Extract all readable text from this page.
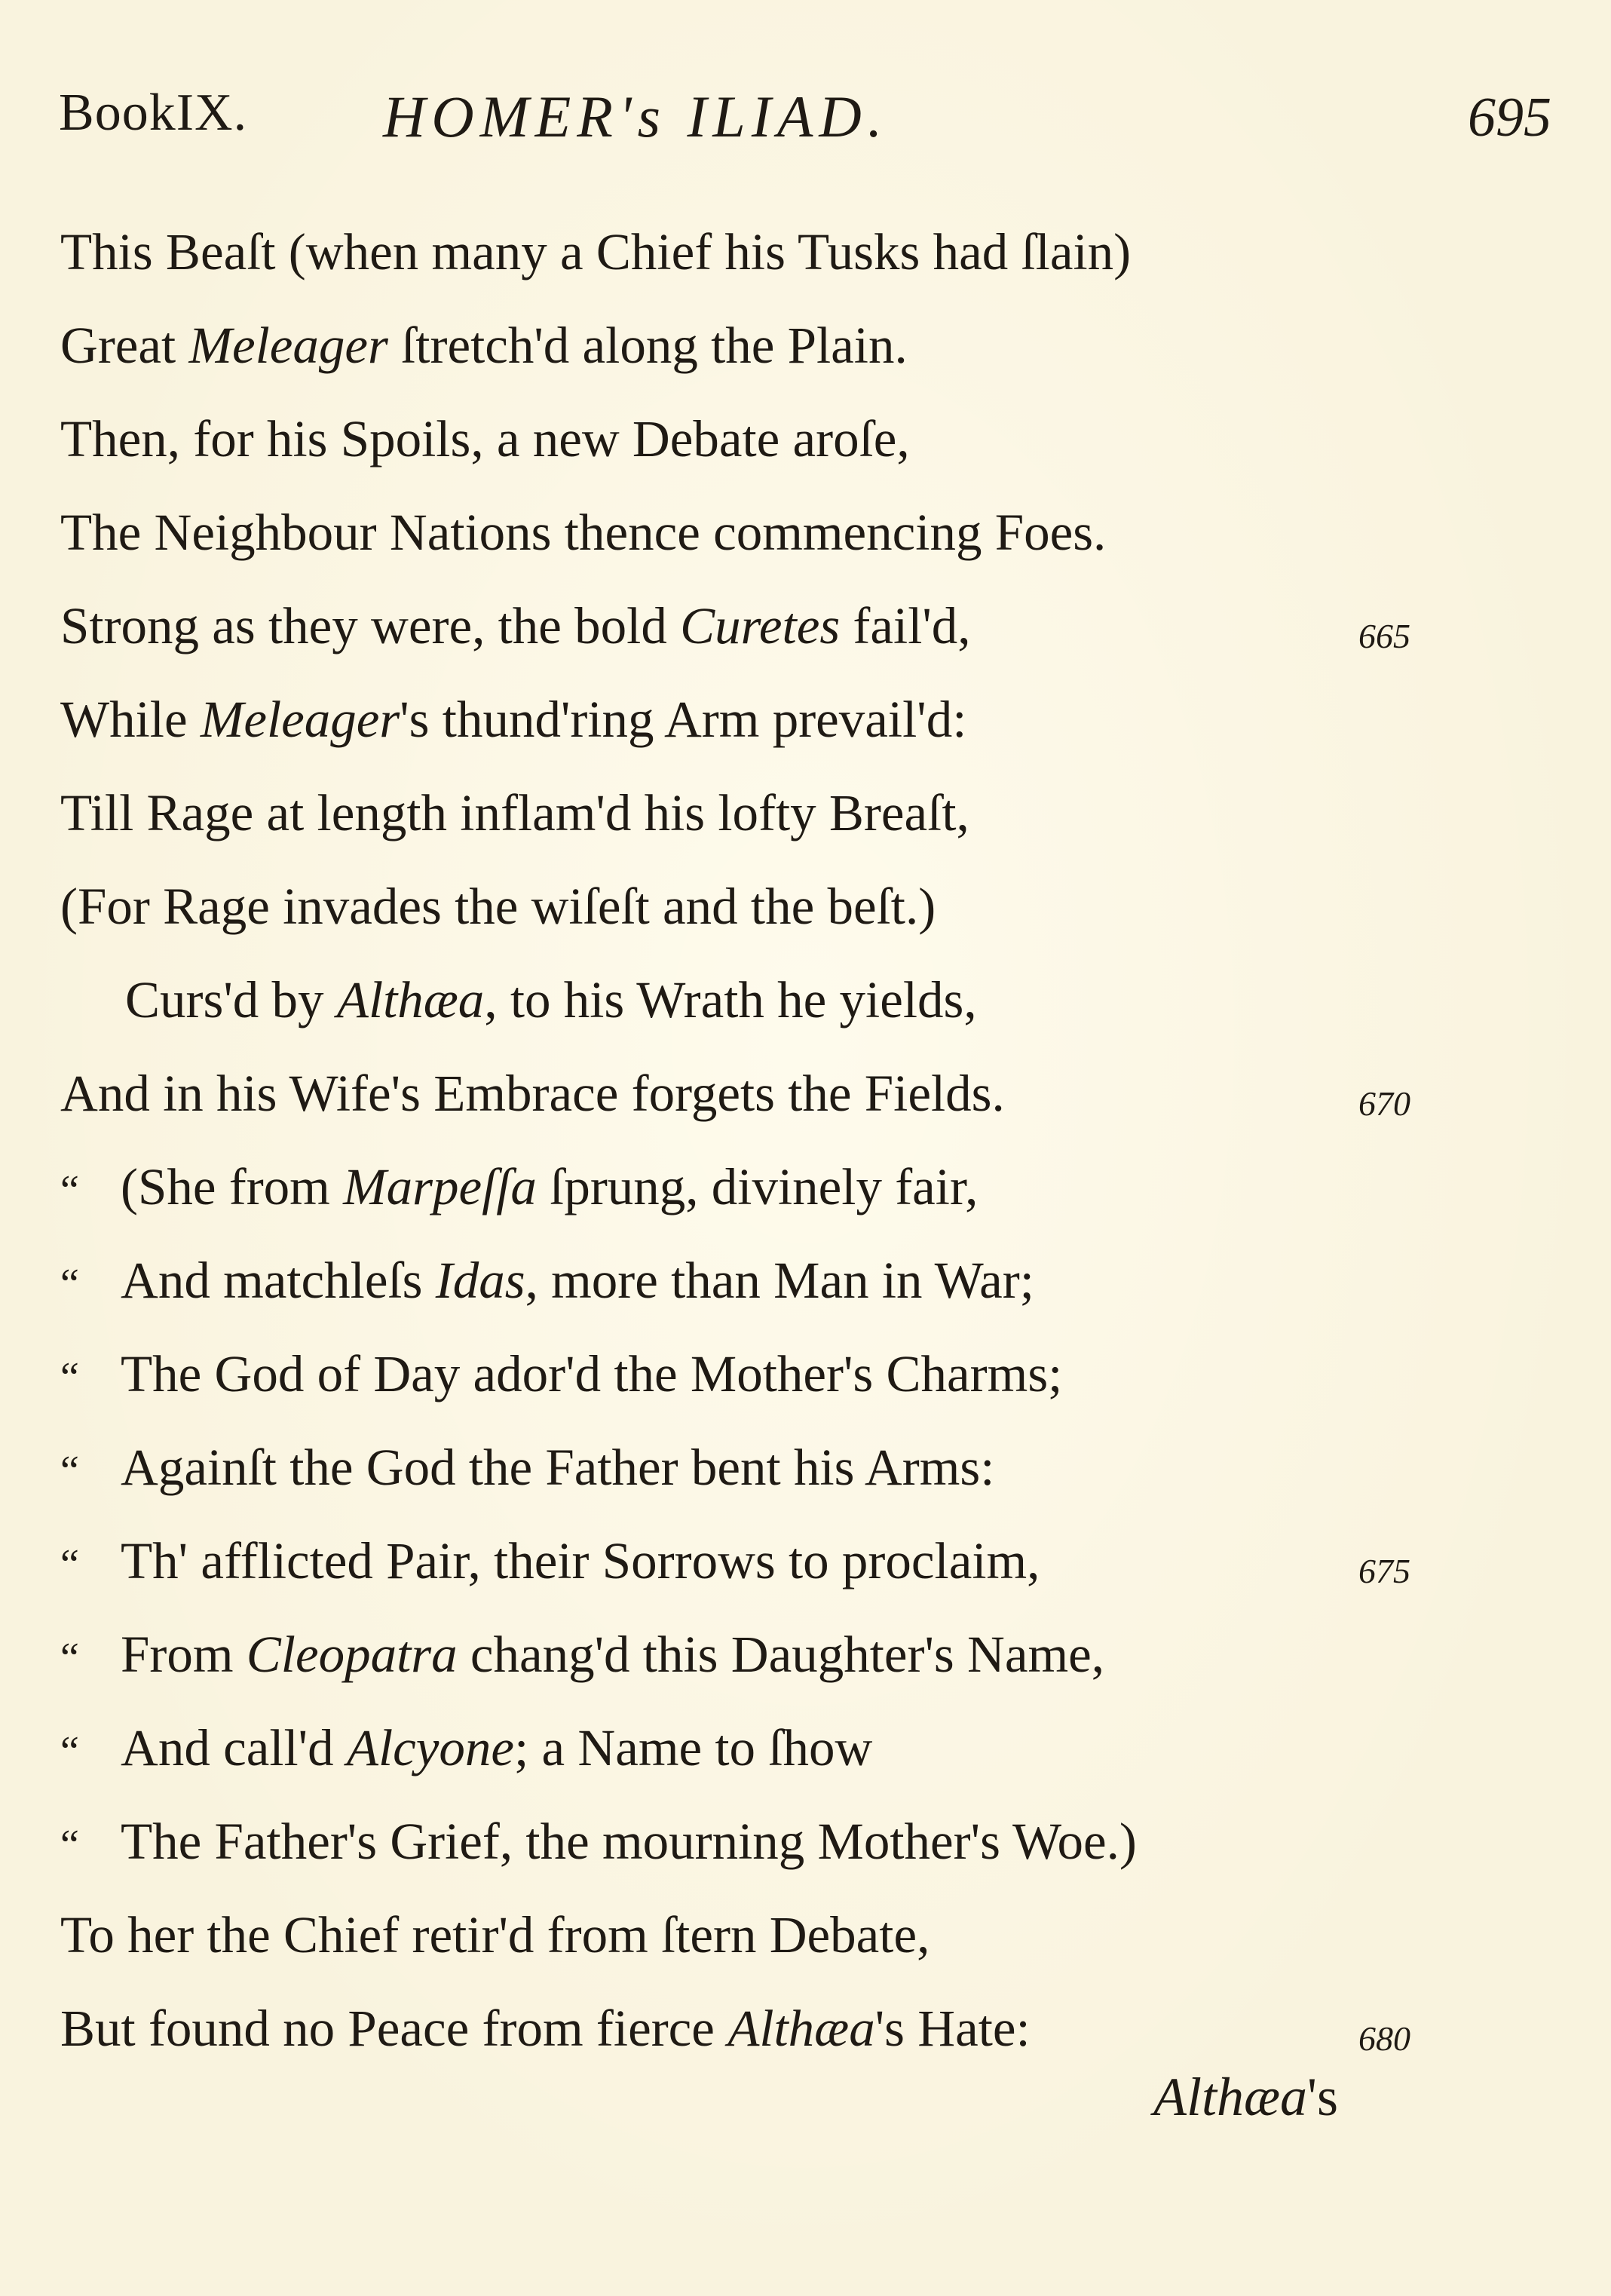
BookIX. HOMER's ILIAD.	695
This Beaſt (when many a Chief his Tusks had ſlain)
Great Meleager ſtretch'd along the Plain.
Then, for his Spoils, a new Debate aroſe,
The Neighbour Nations thence commencing Foes.
Strong as they were, the bold Curetes fail'd,	665
While Meleager's thund'ring Arm prevail'd:
Till Rage at length inflam'd his lofty Breaſt,
(For Rage invades the wiſeſt and the beſt.)
Curs'd by Althæa, to his Wrath he yields,
And in his Wife's Embrace forgets the Fields.	670
“ (She from Marpeſſa ſprung, divinely fair,
“ And matchleſs Idas, more than Man in War;
“ The God of Day ador'd the Mother's Charms;
“ Againſt the God the Father bent his Arms:
“ Th' afflicted Pair, their Sorrows to proclaim,	675
“ From Cleopatra chang'd this Daughter's Name,
“ And call'd Alcyone; a Name to ſhow
“ The Father's Grief, the mourning Mother's Woe.)
To her the Chief retir'd from ſtern Debate,
But found no Peace from fierce Althæa's Hate:	680
Althæa's
